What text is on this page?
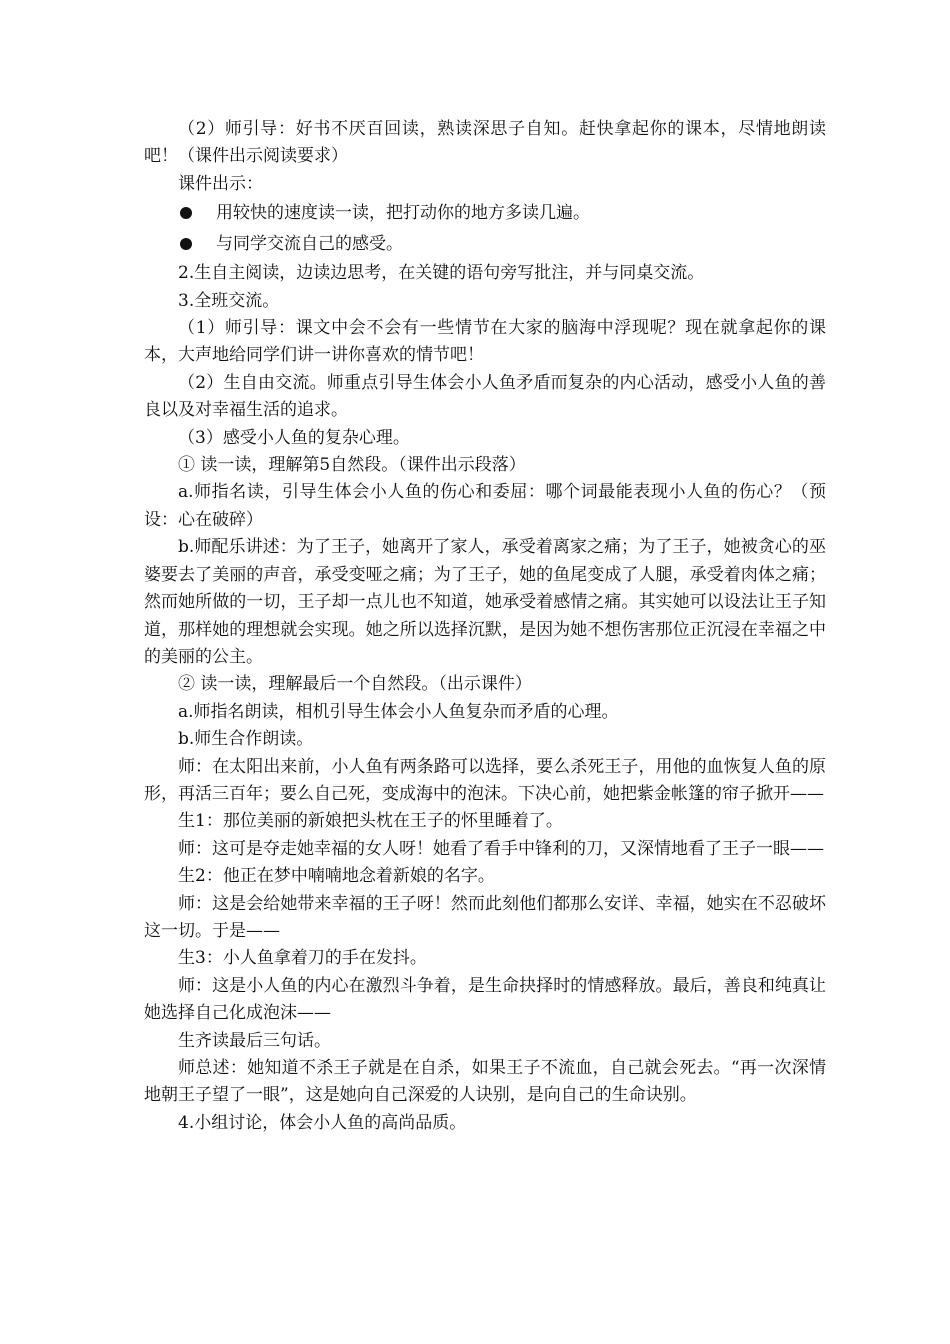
（2）师引导：好书不厌百回读，熟读深思子自知。赶快拿起你的课本，尽情地朗读吧！（课件出示阅读要求）

课件出示：

用较快的速度读一读，把打动你的地方多读几遍。
与同学交流自己的感受。

2.生自主阅读，边读边思考，在关键的语句旁写批注，并与同桌交流。

3.全班交流。

（1）师引导：课文中会不会有一些情节在大家的脑海中浮现呢？现在就拿起你的课本，大声地给同学们讲一讲你喜欢的情节吧！

（2）生自由交流。师重点引导生体会小人鱼矛盾而复杂的内心活动，感受小人鱼的善良以及对幸福生活的追求。

（3）感受小人鱼的复杂心理。

① 读一读，理解第5自然段。（课件出示段落）

a.师指名读，引导生体会小人鱼的伤心和委屈：哪个词最能表现小人鱼的伤心？（预设：心在破碎）

b.师配乐讲述：为了王子，她离开了家人，承受着离家之痛；为了王子，她被贪心的巫婆要去了美丽的声音，承受变哑之痛；为了王子，她的鱼尾变成了人腿，承受着肉体之痛；然而她所做的一切，王子却一点儿也不知道，她承受着感情之痛。其实她可以设法让王子知道，那样她的理想就会实现。她之所以选择沉默，是因为她不想伤害那位正沉浸在幸福之中的美丽的公主。

② 读一读，理解最后一个自然段。（出示课件）

a.师指名朗读，相机引导生体会小人鱼复杂而矛盾的心理。

b.师生合作朗读。

师：在太阳出来前，小人鱼有两条路可以选择，要么杀死王子，用他的血恢复人鱼的原形，再活三百年；要么自己死，变成海中的泡沫。下决心前，她把紫金帐篷的帘子掀开——

生1：那位美丽的新娘把头枕在王子的怀里睡着了。

师：这可是夺走她幸福的女人呀！她看了看手中锋利的刀，又深情地看了王子一眼——

生2：他正在梦中喃喃地念着新娘的名字。

师：这是会给她带来幸福的王子呀！然而此刻他们都那么安详、幸福，她实在不忍破坏这一切。于是——

生3：小人鱼拿着刀的手在发抖。

师：这是小人鱼的内心在激烈斗争着，是生命抉择时的情感释放。最后，善良和纯真让她选择自己化成泡沫——

生齐读最后三句话。

师总述：她知道不杀王子就是在自杀，如果王子不流血，自己就会死去。“再一次深情地朝王子望了一眼”，这是她向自己深爱的人诀别，是向自己的生命诀别。

4.小组讨论，体会小人鱼的高尚品质。
